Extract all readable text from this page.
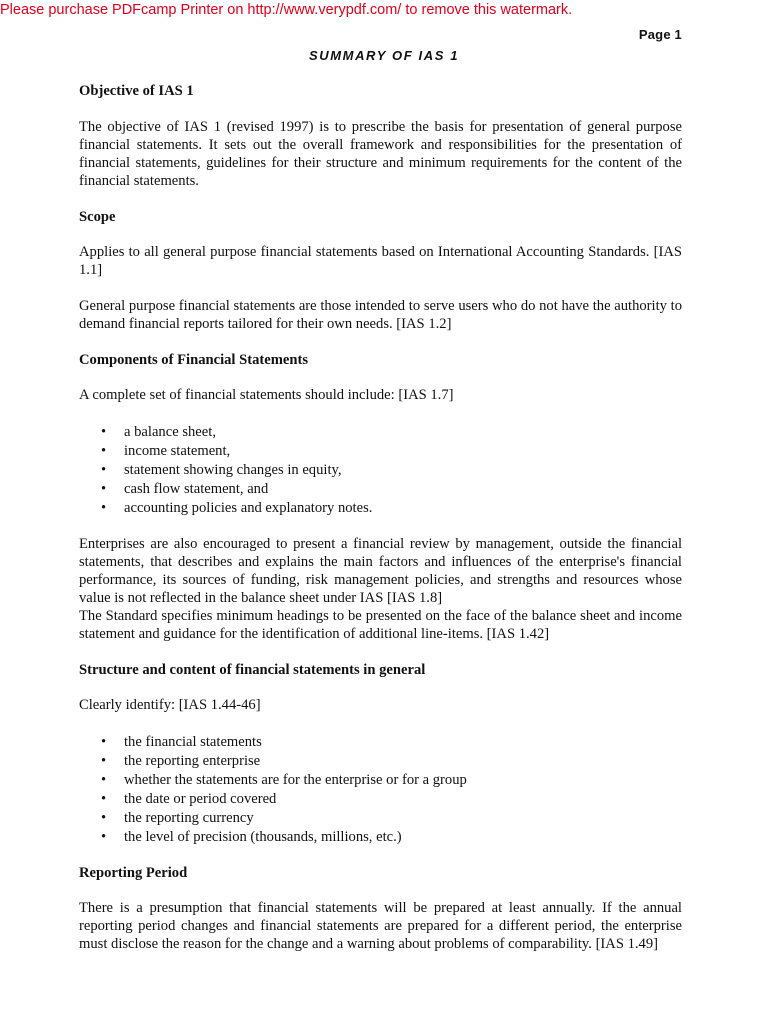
Please purchase PDFcamp Printer on http://www.verypdf.com/ to remove this watermark.
Page 1
SUMMARY OF IAS 1
Objective of IAS 1

The objective of IAS 1 (revised 1997) is to prescribe the basis for presentation of general purpose financial statements. It sets out the overall framework and responsibilities for the presentation of financial statements, guidelines for their structure and minimum requirements for the content of the financial statements.

Scope

Applies to all general purpose financial statements based on International Accounting Standards. [IAS 1.1]

General purpose financial statements are those intended to serve users who do not have the authority to demand financial reports tailored for their own needs. [IAS 1.2]

Components of Financial Statements

A complete set of financial statements should include: [IAS 1.7]

• a balance sheet,
• income statement,
• statement showing changes in equity,
• cash flow statement, and
• accounting policies and explanatory notes.

Enterprises are also encouraged to present a financial review by management, outside the financial statements, that describes and explains the main factors and influences of the enterprise's financial performance, its sources of funding, risk management policies, and strengths and resources whose value is not reflected in the balance sheet under IAS [IAS 1.8]

The Standard specifies minimum headings to be presented on the face of the balance sheet and income statement and guidance for the identification of additional line-items. [IAS 1.42]

Structure and content of financial statements in general

Clearly identify: [IAS 1.44-46]

• the financial statements
• the reporting enterprise
• whether the statements are for the enterprise or for a group
• the date or period covered
• the reporting currency
• the level of precision (thousands, millions, etc.)
Reporting Period

There is a presumption that financial statements will be prepared at least annually. If the annual reporting period changes and financial statements are prepared for a different period, the enterprise must disclose the reason for the change and a warning about problems of comparability. [IAS 1.49]
